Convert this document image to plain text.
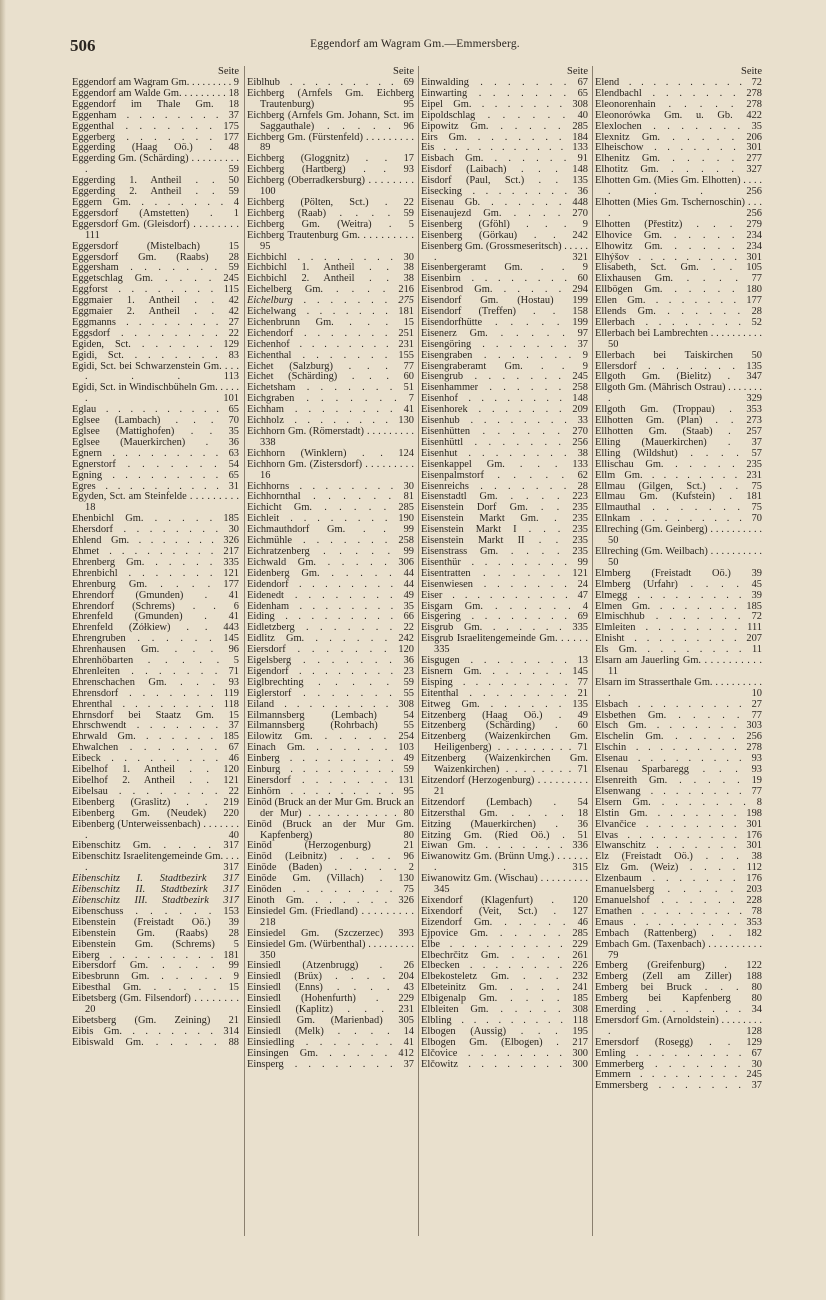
506	Eggendorf am Wagram Gm.—Emmersberg.
Seite

Eggendorf am Wagram Gm. . . . . . . . . 9

Eggendorf am Walde Gm. . . . . . . . . 18

Eggendorf im Thale Gm. 18

Eggenham . . . . . . . . 37

Eggenthal . . . . . . . 175

Eggerberg . . . . . . . 177

Eggerding (Haag Oö.) . 48

Eggerding Gm. (Schärding) . . . . . . . . . . 59

Eggerding 1. Antheil . . 50

Eggerding 2. Antheil . . 59

Eggern Gm. . . . . . . . 4

Eggersdorf (Amstetten) . 1

Eggersdorf Gm. (Gleisdorf) . . . . . . . . 111

Eggersdorf (Mistelbach) 15

Eggersdorf Gm. (Raabs) 28

Eggersham . . . . . . . 59

Eggetschlag Gm. . . . . 245

Eggforst . . . . . . . . 115

Eggmaier 1. Antheil . . 42

Eggmaier 2. Antheil . . 42

Eggmanns . . . . . . . . 27

Eggsdorf . . . . . . . . 22

Egiden, Sct. . . . . . . 129

Egidi, Sct. . . . . . . . 83

Egidi, Sct. bei Schwarzenstein Gm. . . . . . . 113

Egidi, Sct. in Windischbüheln Gm. . . . . . 101

Eglau . . . . . . . . . . 65

Eglsee (Lambach) . . . 70

Eglsee (Mattighofen) . . 35

Eglsee (Mauerkirchen) . 36

Egnern . . . . . . . . . 63

Egnerstorf . . . . . . . 54

Egning . . . . . . . . . 65

Egres . . . . . . . . . . 31

Egyden, Sct. am Steinfelde . . . . . . . . . 18

Ehenbichl Gm. . . . . . 185

Ehersdorf . . . . . . . . 30

Ehlend Gm. . . . . . . . 326

Ehmet . . . . . . . . . 217

Ehrenberg Gm. . . . . . 335

Ehrenbichl . . . . . . . 121

Ehrenburg Gm. . . . . 177

Ehrendorf (Gmunden) . 41

Ehrendorf (Schrems) . . 6

Ehrenfeld (Gmunden) . 41

Ehrenfeld (Zółkiew) . . 443

Ehrengruben . . . . . . 145

Ehrenhausen Gm. . . . 96

Ehrenhöbarten . . . . . 5

Ehrenleiten . . . . . . . 71

Ehrenschachen Gm. . . . 93

Ehrensdorf . . . . . . . 119

Ehrenthal . . . . . . . . 118

Ehrnsdorf bei Staatz Gm. 15

Ehrschwendt . . . . . . . 37

Ehrwald Gm. . . . . . . 185

Ehwalchen . . . . . . . 67

Eibeck . . . . . . . . . 46

Eibelhof 1. Antheil . . 120

Eibelhof 2. Antheil . . 121

Eibelsau . . . . . . . . 22

Eibenberg (Graslitz) . . 219

Eibenberg Gm. (Neudek) 220

Eibenberg (Unterweissenbach) . . . . . . . . 40

Eibenschitz Gm. . . . . 317

Eibenschitz Israelitengemeinde Gm. . . . . 317

Eibenschitz I. Stadtbezirk 317

Eibenschitz II. Stadtbezirk 317

Eibenschitz III. Stadtbezirk 317

Eibenschuss . . . . . . 153

Eibenstein (Freistadt Oö.) 39

Eibenstein Gm. (Raabs) 28

Eibenstein Gm. (Schrems) 5

Eiberg . . . . . . . . . 181

Eibersdorf Gm. . . . . 99

Eibesbrunn Gm. . . . . . 9

Eibesthal Gm. . . . . . 15

Eibetsberg (Gm. Filsendorf) . . . . . . . . 20

Eibetsberg (Gm. Zeining) 21

Eibis Gm. . . . . . . . 314

Eibiswald Gm. . . . . . 88

Seite

Eiblhub . . . . . . . . . 69

Eichberg (Arnfels Gm. Eichberg Trautenburg) 95

Eichberg (Arnfels Gm. Johann, Sct. im Saggauthale) . . . . . 96

Eichberg Gm. (Fürstenfeld) . . . . . . . . . 89

Eichberg (Gloggnitz) . . 17

Eichberg (Hartberg) . . 93

Eichberg (Oberradkersburg) . . . . . . . . 100

Eichberg (Pölten, Sct.) . 22

Eichberg (Raab) . . . . 59

Eichberg Gm. (Weitra) . 5

Eichberg Trautenburg Gm. . . . . . . . . . 95

Eichbichl . . . . . . . . 30

Eichbichl 1. Antheil . . 38

Eichbichl 2. Antheil . . 38

Eichelberg Gm. . . . . 216

Eichelburg . . . . . . . 275

Eichelwang . . . . . . . 181

Eichenbrunn Gm. . . . 15

Eichendorf . . . . . . . 251

Eichenhof . . . . . . . . 231

Eichenthal . . . . . . . 155

Eichet (Salzburg) . . . 77

Eichet (Schärding) . . . 60

Eichetsham . . . . . . . 51

Eichgraben . . . . . . . 7

Eichham . . . . . . . . 41

Eichholz . . . . . . . . 130

Eichhorn Gm. (Römerstadt) . . . . . . . . . 338

Eichhorn (Winklern) . . 124

Eichhorn Gm. (Zistersdorf) . . . . . . . . . 16

Eichhorns . . . . . . . . 30

Eichhornthal . . . . . . 81

Eichicht Gm. . . . . . 285

Eichleit . . . . . . . . 190

Eichmauthdorf Gm. . . 99

Eichmühle . . . . . . . 258

Eichratzenberg . . . . . 99

Eichwald Gm. . . . . . 306

Eidenberg Gm. . . . . . 44

Eidendorf . . . . . . . . 44

Eidenedt . . . . . . . . 49

Eidenham . . . . . . . . 35

Eiding . . . . . . . . . 66

Eidletzberg . . . . . . . 22

Eidlitz Gm. . . . . . . 242

Eiersdorf . . . . . . . 120

Eigelsberg . . . . . . . 36

Eigendorf . . . . . . . . 23

Eiglbrechting . . . . . 59

Eiglerstorf . . . . . . . 55

Eiland . . . . . . . . . 308

Eilmannsberg (Lembach) 54

Eilmannsberg (Rohrbach) 55

Eilowitz Gm. . . . . . 254

Einach Gm. . . . . . . 103

Einberg . . . . . . . . . 49

Einburg . . . . . . . . . 59

Einersdorf . . . . . . . 131

Einhörn . . . . . . . . . 95

Einöd (Bruck an der Mur Gm. Bruck an der Mur) . . . . . . . . . . 80

Einöd (Bruck an der Mur Gm. Kapfenberg) 80

Einöd (Herzogenburg) 21

Einöd (Leibnitz) . . . . 96

Einöde (Baden) . . . . . 2

Einöde Gm. (Villach) . 130

Einöden . . . . . . . . 75

Einoth Gm. . . . . . . 326

Einsiedel Gm. (Friedland) . . . . . . . . . 218

Einsiedel Gm. (Szczerzec) 393

Einsiedel Gm. (Würbenthal) . . . . . . . . . 350

Einsiedl (Atzenbrugg) . 26

Einsiedl (Brüx) . . . . 204

Einsiedl (Enns) . . . . 43

Einsiedl (Hohenfurth) . 229

Einsiedl (Kaplitz) . . . 231

Einsiedl Gm. (Marienbad) 305

Einsiedl (Melk) . . . . 14

Einsiedling . . . . . . . 41

Einsingen Gm. . . . . . 412

Einsperg . . . . . . . . 37

Seite

Einwalding . . . . . . . 67

Einwarting . . . . . . . 65

Eipel Gm. . . . . . . . 308

Eipoldschlag . . . . . . 40

Eipowitz Gm. . . . . . 285

Eirs Gm. . . . . . . . 184

Eis . . . . . . . . . . . 133

Eisbach Gm. . . . . . . 91

Eisdorf (Laibach) . . . 148

Eisdorf (Paul, Sct.) . . 135

Eisecking . . . . . . . . 36

Eisenau Gb. . . . . . . 448

Eisenaujezd Gm. . . . . 270

Eisenberg (Gföhl) . . . 9

Eisenberg (Görkau) . . 242

Eisenberg Gm. (Grossmeseritsch) . . . . . . 321

Eisenbergeramt Gm. . . 9

Eisenbirn . . . . . . . . 60

Eisenbrod Gm. . . . . . 294

Eisendorf Gm. (Hostau) 199

Eisendorf (Treffen) . . 158

Eisendorfhütte . . . . . 199

Eisenerz Gm. . . . . . 97

Eisengöring . . . . . . . 37

Eisengraben . . . . . . . 9

Eisengraberamt Gm. . . 9

Eisengrub . . . . . . . 245

Eisenhammer . . . . . . 258

Eisenhof . . . . . . . . 148

Eisenhorek . . . . . . . 209

Eisenhub . . . . . . . . 33

Eisenhütten . . . . . . 270

Eisenhüttl . . . . . . . 256

Eisenhut . . . . . . . . 38

Eisenkappel Gm. . . . 133

Eisenpalmstorf . . . . . 62

Eisenreichs . . . . . . . 28

Eisenstadtl Gm. . . . . 223

Eisenstein Dorf Gm. . . 235

Eisenstein Markt Gm. . 235

Eisenstein Markt I . . . 235

Eisenstein Markt II . . 235

Eisenstrass Gm. . . . . 235

Eisenthür . . . . . . . . 99

Eisentratten . . . . . . 121

Eisenwiesen . . . . . . . 24

Eiser . . . . . . . . . . 47

Eisgarn Gm. . . . . . . 4

Eisgering . . . . . . . . 69

Eisgrub Gm. . . . . . . 335

Eisgrub Israelitengemeinde Gm. . . . . . 335

Eisgugen . . . . . . . . 13

Eisnern Gm. . . . . . . 145

Eisping . . . . . . . . . 77

Eitenthal . . . . . . . . 21

Eitweg Gm. . . . . . . 135

Eitzenberg (Haag Oö.) . 49

Eitzenberg (Schärding) . 60

Eitzenberg (Waizenkirchen Gm. Heiligenberg) . . . . . . . . . 71

Eitzenberg (Waizenkirchen Gm. Waizenkirchen) . . . . . . . . 71

Eitzendorf (Herzogenburg) . . . . . . . . . 21

Eitzendorf (Lembach) . 54

Eitzersthal Gm. . . . . 18

Eitzing (Mauerkirchen) . 36

Eitzing Gm. (Ried Oö.) . 51

Eiwan Gm. . . . . . . . 336

Eiwanowitz Gm. (Brünn Umg.) . . . . . . . . 315

Eiwanowitz Gm. (Wischau) . . . . . . . . . 345

Eixendorf (Klagenfurt) . 120

Eixendorf (Veit, Sct.) . 127

Eizendorf Gm. . . . . . 46

Ejpovice Gm. . . . . . 285

Elbe . . . . . . . . . . 229

Elbechrčitz Gm. . . . . 261

Elbecken . . . . . . . . 226

Elbekosteletz Gm. . . . 232

Elbeteinitz Gm. . . . . 241

Elbigenalp Gm. . . . . 185

Elbleiten Gm. . . . . . 308

Elbling . . . . . . . . . 118

Elbogen (Aussig) . . . 195

Elbogen Gm. (Elbogen) . 217

Elčovice . . . . . . . . 300

Elčowitz . . . . . . . . 300

Seite

Elend . . . . . . . . . . 72

Elendbachl . . . . . . . 278

Eleonorenhain . . . . . 278

Eleonorówka Gm. u. Gb. 422

Elexlochen . . . . . . . 35

Elexnitz Gm. . . . . . 206

Elheischow . . . . . . . 301

Elhenitz Gm. . . . . . 277

Elhotitz Gm. . . . . . 327

Elhotten Gm. (Mies Gm. Elhotten) . . . . . . . 256

Elhotten (Mies Gm. Tschernoschin) . . . . 256

Elhotten (Přestitz) . . . 279

Elhovice Gm. . . . . . 234

Elhowitz Gm. . . . . . 234

Elhýšov . . . . . . . . . 301

Elisabeth, Sct. Gm. . . 105

Elixhausen Gm. . . . . 77

Ellbögen Gm. . . . . . 180

Ellen Gm. . . . . . . . 177

Ellends Gm. . . . . . . 28

Ellerbach . . . . . . . . 52

Ellerbach bei Lambrechten . . . . . . . . . . 50

Ellerbach bei Taiskirchen 50

Ellersdorf . . . . . . . 135

Ellgoth Gm. (Bielitz) . 347

Ellgoth Gm. (Mährisch Ostrau) . . . . . . . . 329

Ellgoth Gm. (Troppau) . 353

Ellhotten Gm. (Plan) . . 273

Ellhotten Gm. (Staab) . 257

Elling (Mauerkirchen) . 37

Elling (Wildshut) . . . . 57

Ellischau Gm. . . . . . 235

Ellm Gm. . . . . . . . . 231

Ellmau (Gilgen, Sct.) . . 75

Ellmau Gm. (Kufstein) . 181

Ellmauthal . . . . . . . 75

Ellnkam . . . . . . . . . 70

Ellreching (Gm. Geinberg) . . . . . . . . . . 50

Ellreching (Gm. Weilbach) . . . . . . . . . . 50

Elmberg (Freistadt Oö.) 39

Elmberg (Urfahr) . . . . 45

Elmegg . . . . . . . . . 39

Elmen Gm. . . . . . . . 185

Elmischhub . . . . . . . 72

Elmleiten . . . . . . . . 111

Elnisht . . . . . . . . . 207

Els Gm. . . . . . . . . 11

Elsarn am Jauerling Gm. . . . . . . . . . . 11

Elsarn im Strasserthale Gm. . . . . . . . . . . 10

Elsbach . . . . . . . . . 27

Elsbethen Gm. . . . . . 77

Elsch Gm. . . . . . . . 303

Elschelin Gm. . . . . . 256

Elschin . . . . . . . . . 278

Elsenau . . . . . . . . . 93

Elsenau Sparbaregg . . . 93

Elsenreith Gm. . . . . . 19

Elsenwang . . . . . . . . 77

Elsern Gm. . . . . . . . 8

Elstin Gm. . . . . . . . 198

Elvančice . . . . . . . . 301

Elvas . . . . . . . . . . 176

Elwanschitz . . . . . . . 301

Elz (Freistadt Oö.) . . . 38

Elz Gm. (Weiz) . . . . 112

Elzenbaum . . . . . . . 176

Emanuelsberg . . . . . 203

Emanuelshof . . . . . . 228

Emathen . . . . . . . . . 78

Emaus . . . . . . . . . 353

Embach (Rattenberg) . . 182

Embach Gm. (Taxenbach) . . . . . . . . . . 79

Emberg (Greifenburg) . 122

Emberg (Zell am Ziller) 188

Emberg bei Bruck . . . 80

Emberg bei Kapfenberg 80

Emerding . . . . . . . . 34

Emersdorf Gm. (Arnoldstein) . . . . . . . . . 128

Emersdorf (Rosegg) . . 129

Emling . . . . . . . . . 67

Emmerberg . . . . . . . 30

Emmern . . . . . . . . . 245

Emmersberg . . . . . . . 37
